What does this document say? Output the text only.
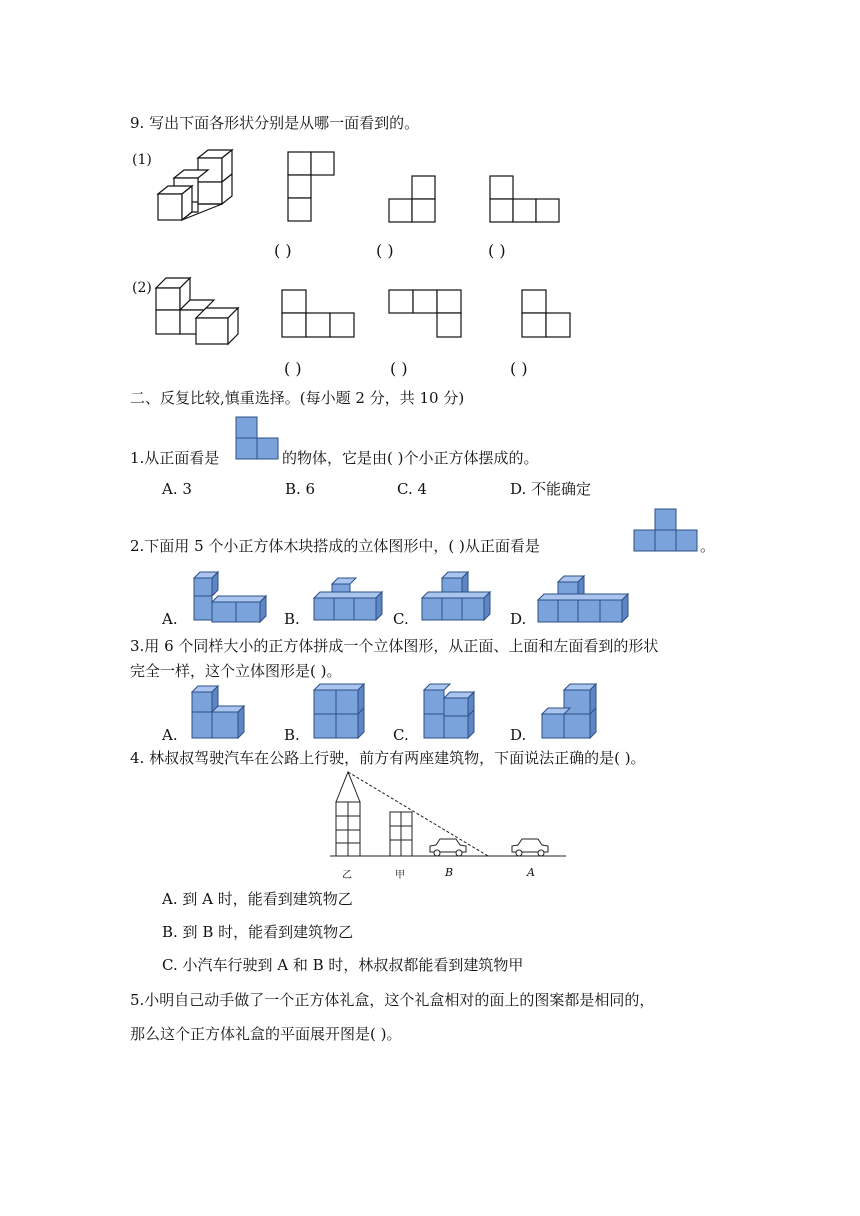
9. 写出下面各形状分别是从哪一面看到的。
(1)
( )	( )	( )
(2)
( )	( )	( )
二、反复比较,慎重选择。(每小题 2 分，共 10 分)
1.从正面看是	的物体，它是由( )个小正方体摆成的。
A. 3	B. 6	C. 4	D. 不能确定
2.下面用 5 个小正方体木块搭成的立体图形中，( )从正面看是	。
A.	B.	C.	D.
3.用 6 个同样大小的正方体拼成一个立体图形，从正面、上面和左面看到的形状
完全一样，这个立体图形是( )。
A.	B.	C.	D.
4. 林叔叔驾驶汽车在公路上行驶，前方有两座建筑物，下面说法正确的是( )。
乙	甲	B	A
A. 到 A 时，能看到建筑物乙
B. 到 B 时，能看到建筑物乙
C. 小汽车行驶到 A 和 B 时，林叔叔都能看到建筑物甲
5.小明自己动手做了一个正方体礼盒，这个礼盒相对的面上的图案都是相同的，
那么这个正方体礼盒的平面展开图是( )。
